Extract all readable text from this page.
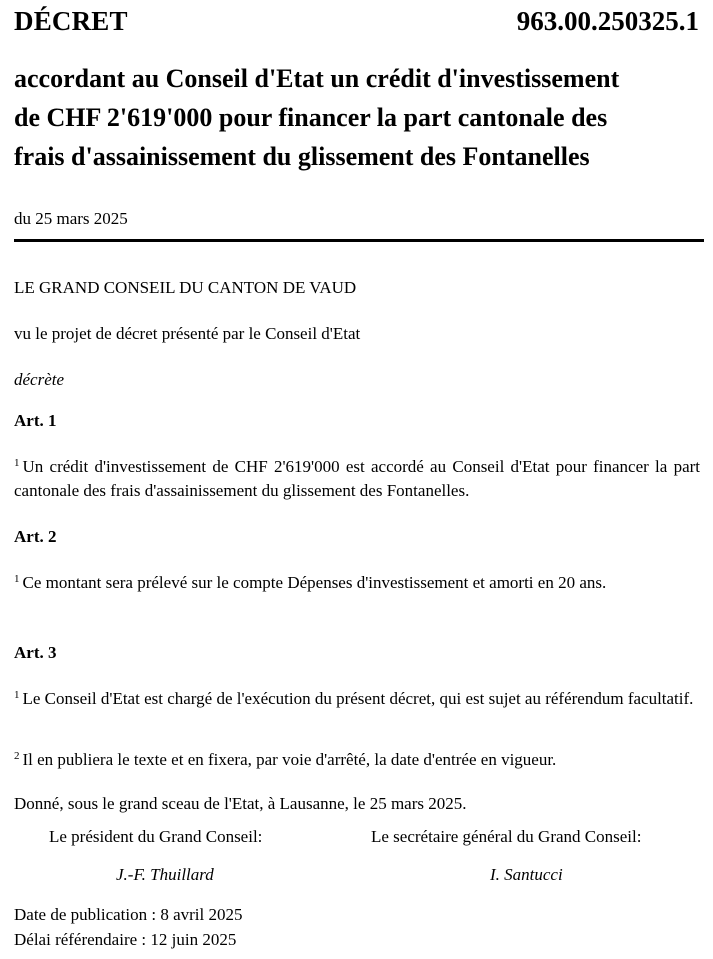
DÉCRET	963.00.250325.1
accordant au Conseil d'Etat un crédit d'investissement
de CHF 2'619'000 pour financer la part cantonale des
frais d'assainissement du glissement des Fontanelles
du 25 mars 2025
LE GRAND CONSEIL DU CANTON DE VAUD
vu le projet de décret présenté par le Conseil d'Etat
décrète
Art. 1
$^1$ Un crédit d'investissement de CHF 2'619'000 est accordé au Conseil d'Etat pour financer la part cantonale des frais d'assainissement du glissement des Fontanelles.
Art. 2
$^1$ Ce montant sera prélevé sur le compte Dépenses d'investissement et amorti en 20 ans.
Art. 3
$^1$ Le Conseil d'Etat est chargé de l'exécution du présent décret, qui est sujet au référendum facultatif.
$^2$ Il en publiera le texte et en fixera, par voie d'arrêté, la date d'entrée en vigueur.
Donné, sous le grand sceau de l'Etat, à Lausanne, le 25 mars 2025.
Le président du Grand Conseil:	Le secrétaire général du Grand Conseil:
J.-F. Thuillard	I. Santucci
Date de publication : 8 avril 2025
Délai référendaire : 12 juin 2025
